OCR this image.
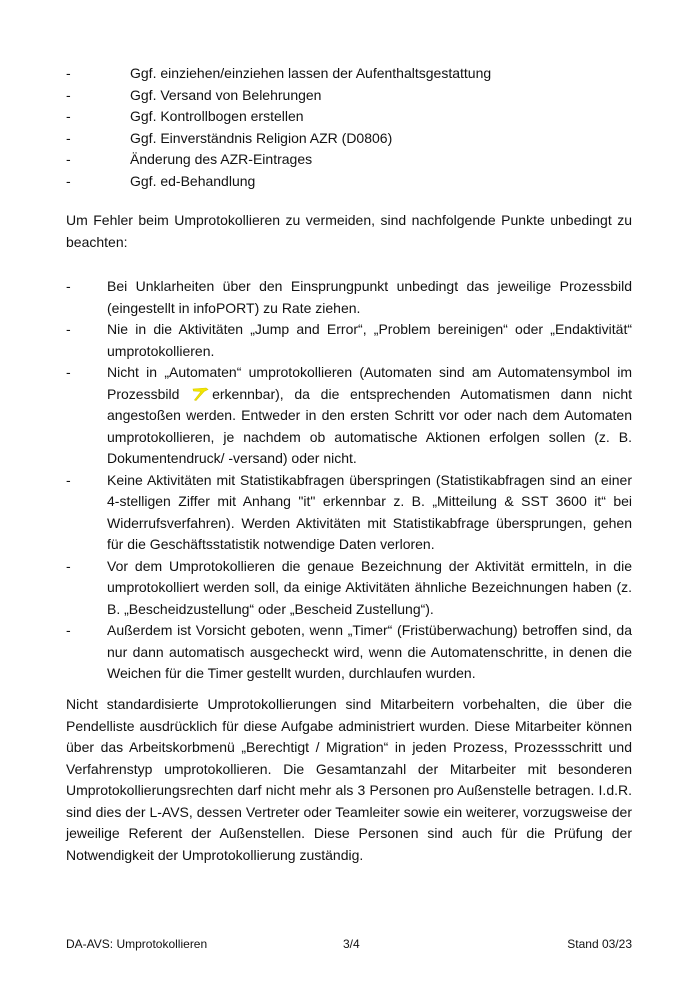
-	Ggf. einziehen/einziehen lassen der Aufenthaltsgestattung
-	Ggf. Versand von Belehrungen
-	Ggf. Kontrollbogen erstellen
-	Ggf. Einverständnis Religion AZR (D0806)
-	Änderung des AZR-Eintrages
-	Ggf. ed-Behandlung

Um Fehler beim Umprotokollieren zu vermeiden, sind nachfolgende Punkte unbedingt zu beachten:

-	Bei Unklarheiten über den Einsprungpunkt unbedingt das jeweilige Prozessbild (eingestellt in infoPORT) zu Rate ziehen.
-	Nie in die Aktivitäten „Jump and Error“, „Problem bereinigen“ oder „Endaktivität“ umprotokollieren.
-	Nicht in „Automaten“ umprotokollieren (Automaten sind am Automatensymbol im Prozessbild erkennbar), da die entsprechenden Automatismen dann nicht angestoßen werden. Entweder in den ersten Schritt vor oder nach dem Automaten umprotokollieren, je nachdem ob automatische Aktionen erfolgen sollen (z. B. Dokumentendruck/ -versand) oder nicht.
-	Keine Aktivitäten mit Statistikabfragen überspringen (Statistikabfragen sind an einer 4-stelligen Ziffer mit Anhang "it" erkennbar z. B. „Mitteilung & SST 3600 it“ bei Widerrufsverfahren). Werden Aktivitäten mit Statistikabfrage übersprungen, gehen für die Geschäftsstatistik notwendige Daten verloren.
-	Vor dem Umprotokollieren die genaue Bezeichnung der Aktivität ermitteln, in die umprotokolliert werden soll, da einige Aktivitäten ähnliche Bezeichnungen haben (z. B. „Bescheidzustellung“ oder „Bescheid Zustellung“).
-	Außerdem ist Vorsicht geboten, wenn „Timer“ (Fristüberwachung) betroffen sind, da nur dann automatisch ausgecheckt wird, wenn die Automatenschritte, in denen die Weichen für die Timer gestellt wurden, durchlaufen wurden.

Nicht standardisierte Umprotokollierungen sind Mitarbeitern vorbehalten, die über die Pendelliste ausdrücklich für diese Aufgabe administriert wurden. Diese Mitarbeiter können über das Arbeitskorbmenü „Berechtigt / Migration“ in jeden Prozess, Prozessschritt und Verfahrenstyp umprotokollieren. Die Gesamtanzahl der Mitarbeiter mit besonderen Umprotokollierungsrechten darf nicht mehr als 3 Personen pro Außenstelle betragen. I.d.R. sind dies der L-AVS, dessen Vertreter oder Teamleiter sowie ein weiterer, vorzugsweise der jeweilige Referent der Außenstellen. Diese Personen sind auch für die Prüfung der Notwendigkeit der Umprotokollierung zuständig.

DA-AVS: Umprotokollieren	3/4	Stand 03/23
